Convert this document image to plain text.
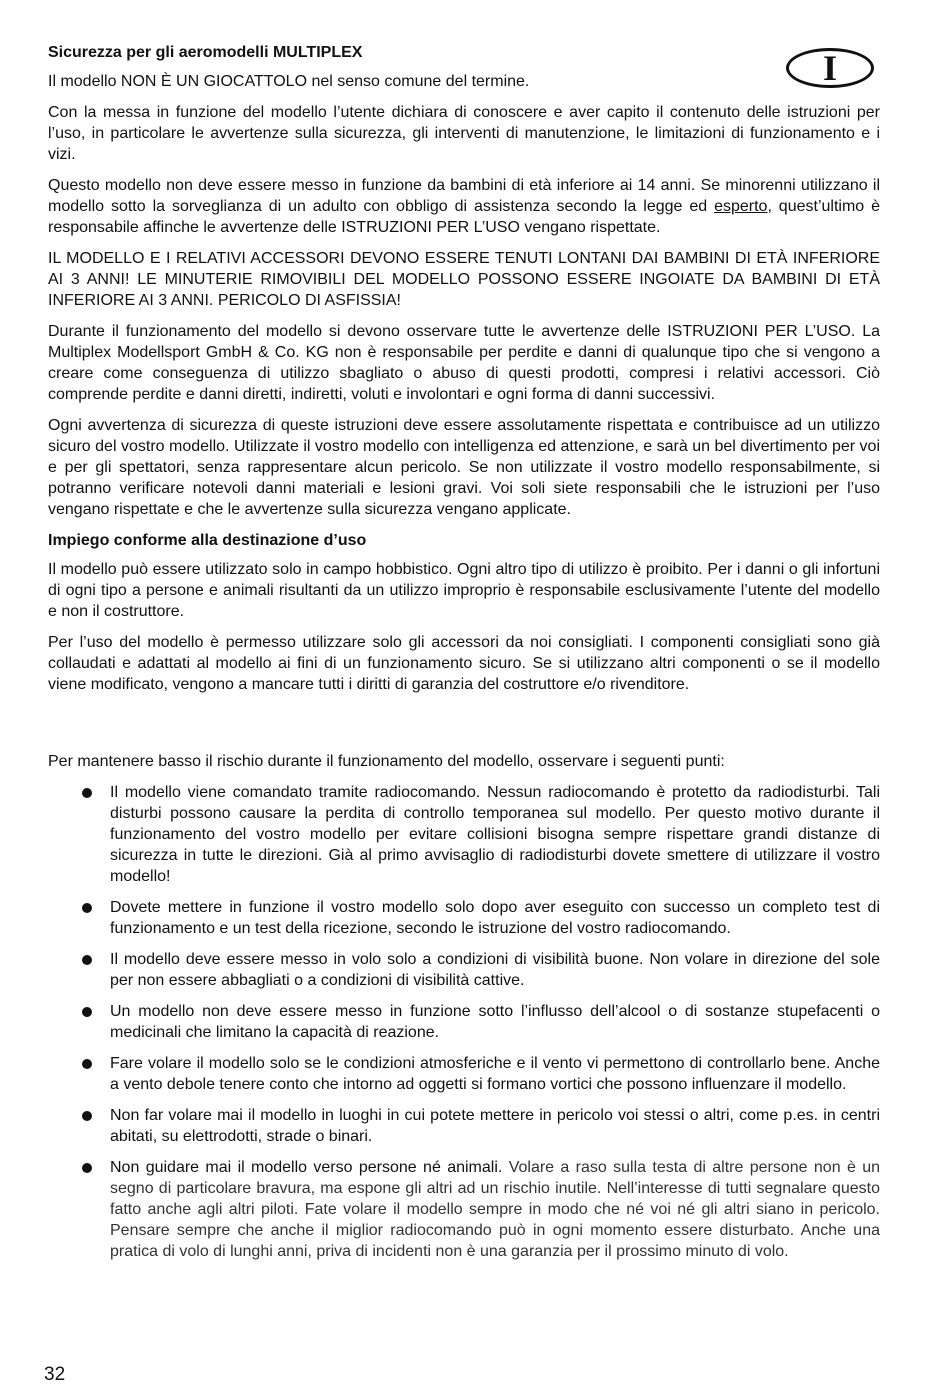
I
Sicurezza per gli aeromodelli MULTIPLEX

Il modello NON È UN GIOCATTOLO nel senso comune del termine.

Con la messa in funzione del modello l’utente dichiara di conoscere e aver capito il contenuto delle istruzioni per l’uso, in particolare le avvertenze sulla sicurezza, gli interventi di manutenzione, le limitazioni di funzionamento e i vizi.

Questo modello non deve essere messo in funzione da bambini di età inferiore ai 14 anni. Se minorenni utilizzano il modello sotto la sorveglianza di un adulto con obbligo di assistenza secondo la legge ed esperto, quest’ultimo è responsabile affinche le avvertenze delle ISTRUZIONI PER L’USO vengano rispettate.

IL MODELLO E I RELATIVI ACCESSORI DEVONO ESSERE TENUTI LONTANI DAI BAMBINI DI ETÀ INFERIORE AI 3 ANNI! LE MINUTERIE RIMOVIBILI DEL MODELLO POSSONO ESSERE INGOIATE DA BAMBINI DI ETÀ INFERIORE AI 3 ANNI. PERICOLO DI ASFISSIA!

Durante il funzionamento del modello si devono osservare tutte le avvertenze delle ISTRUZIONI PER L’USO. La Multiplex Modellsport GmbH & Co. KG non è responsabile per perdite e danni di qualunque tipo che si vengono a creare come conseguenza di utilizzo sbagliato o abuso di questi prodotti, compresi i relativi accessori. Ciò comprende perdite e danni diretti, indiretti, voluti e involontari e ogni forma di danni successivi.

Ogni avvertenza di sicurezza di queste istruzioni deve essere assolutamente rispettata e contribuisce ad un utilizzo sicuro del vostro modello. Utilizzate il vostro modello con intelligenza ed attenzione, e sarà un bel divertimento per voi e per gli spettatori, senza rappresentare alcun pericolo. Se non utilizzate il vostro modello responsabilmente, si potranno verificare notevoli danni materiali e lesioni gravi. Voi soli siete responsabili che le istruzioni per l’uso vengano rispettate e che le avvertenze sulla sicurezza vengano applicate.

Impiego conforme alla destinazione d’uso

Il modello può essere utilizzato solo in campo hobbistico. Ogni altro tipo di utilizzo è proibito. Per i danni o gli infortuni di ogni tipo a persone e animali risultanti da un utilizzo improprio è responsabile esclusivamente l’utente del modello e non il costruttore.

Per l’uso del modello è permesso utilizzare solo gli accessori da noi consigliati. I componenti consigliati sono già collaudati e adattati al modello ai fini di un funzionamento sicuro. Se si utilizzano altri componenti o se il modello viene modificato, vengono a mancare tutti i diritti di garanzia del costruttore e/o rivenditore.

Per mantenere basso il rischio durante il funzionamento del modello, osservare i seguenti punti:

Il modello viene comandato tramite radiocomando. Nessun radiocomando è protetto da radiodisturbi. Tali disturbi possono causare la perdita di controllo temporanea sul modello. Per questo motivo durante il funzionamento del vostro modello per evitare collisioni bisogna sempre rispettare grandi distanze di sicurezza in tutte le direzioni. Già al primo avvisaglio di radiodisturbi dovete smettere di utilizzare il vostro modello!
Dovete mettere in funzione il vostro modello solo dopo aver eseguito con successo un completo test di funzionamento e un test della ricezione, secondo le istruzione del vostro radiocomando.
Il modello deve essere messo in volo solo a condizioni di visibilità buone. Non volare in direzione del sole per non essere abbagliati o a condizioni di visibilità cattive.
Un modello non deve essere messo in funzione sotto l’influsso dell’alcool o di sostanze stupefacenti o medicinali che limitano la capacità di reazione.
Fare volare il modello solo se le condizioni atmosferiche e il vento vi permettono di controllarlo bene. Anche a vento debole tenere conto che intorno ad oggetti si formano vortici che possono influenzare il modello.
Non far volare mai il modello in luoghi in cui potete mettere in pericolo voi stessi o altri, come p.es. in centri abitati, su elettrodotti, strade o binari.
Non guidare mai il modello verso persone né animali. Volare a raso sulla testa di altre persone non è un segno di particolare bravura, ma espone gli altri ad un rischio inutile. Nell’interesse di tutti segnalare questo fatto anche agli altri piloti. Fate volare il modello sempre in modo che né voi né gli altri siano in pericolo. Pensare sempre che anche il miglior radiocomando può in ogni momento essere disturbato. Anche una pratica di volo di lunghi anni, priva di incidenti non è una garanzia per il prossimo minuto di volo.
32
